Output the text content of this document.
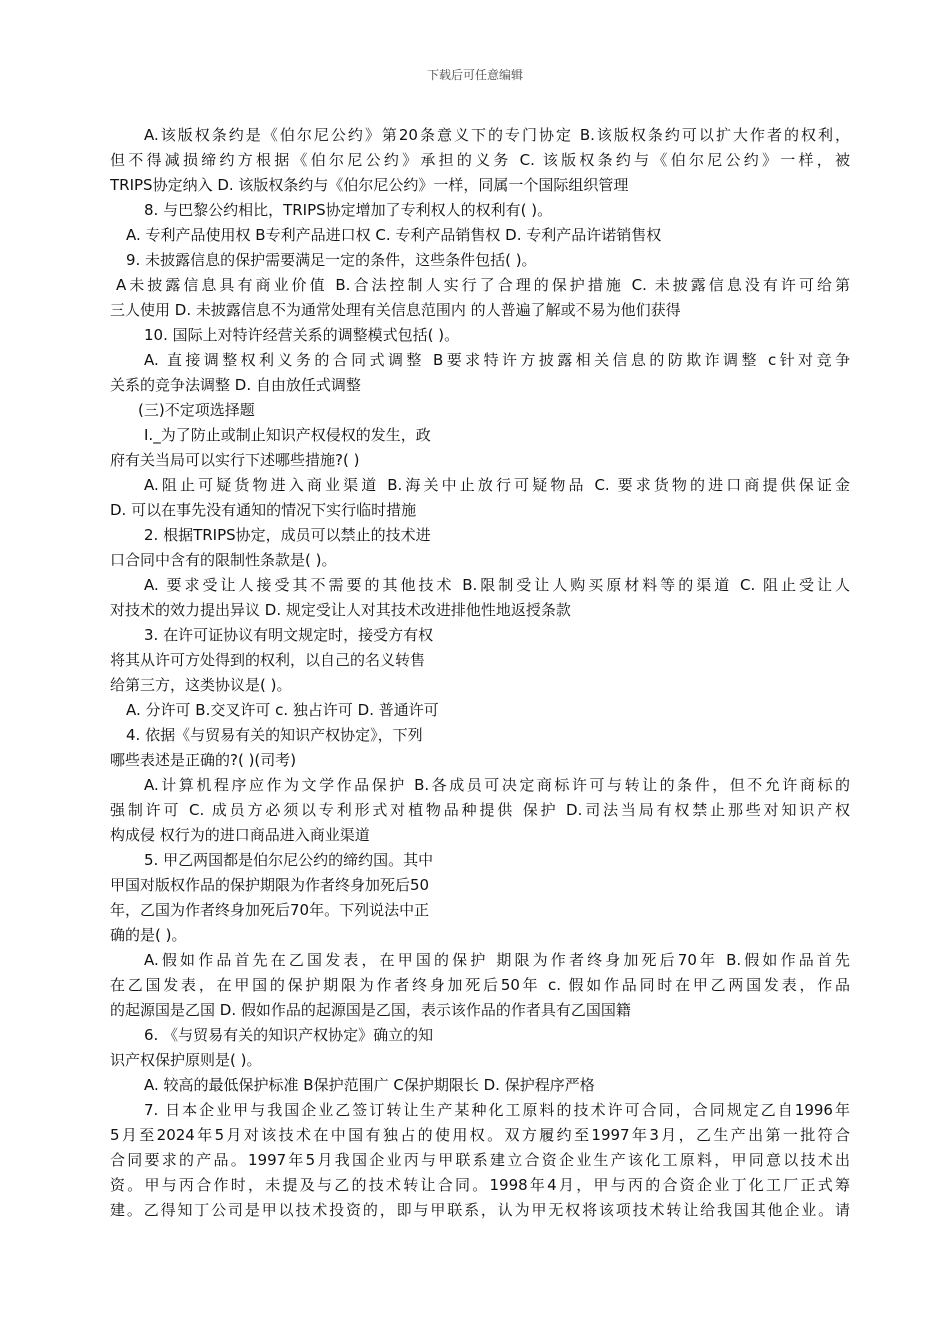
下载后可任意编辑
A.该版权条约是《伯尔尼公约》第20条意义下的专门协定 B.该版权条约可以扩大作者的权利，
但不得减损缔约方根据《伯尔尼公约》承担的义务 C. 该版权条约与《伯尔尼公约》一样，被
TRIPS协定纳入 D. 该版权条约与《伯尔尼公约》一样，同属一个国际组织管理
8. 与巴黎公约相比，TRIPS协定增加了专利权人的权利有( )。
A. 专利产品使用权 B专利产品进口权 C. 专利产品销售权 D. 专利产品许诺销售权
9. 未披露信息的保护需要满足一定的条件，这些条件包括( )。
A未披露信息具有商业价值 B.合法控制人实行了合理的保护措施 C. 未披露信息没有许可给第
三人使用 D. 未披露信息不为通常处理有关信息范围内 的人普遍了解或不易为他们获得
10. 国际上对特许经营关系的调整模式包括( )。
A. 直接调整权利义务的合同式调整 B要求特许方披露相关信息的防欺诈调整 c针对竞争
关系的竞争法调整 D. 自由放任式调整
(三)不定项选择题
I._为了防止或制止知识产权侵权的发生，政
府有关当局可以实行下述哪些措施?( )
A.阻止可疑货物进入商业渠道 B.海关中止放行可疑物品 C. 要求货物的进口商提供保证金
D. 可以在事先没有通知的情况下实行临时措施
2. 根据TRIPS协定，成员可以禁止的技术进
口合同中含有的限制性条款是( )。
A. 要求受让人接受其不需要的其他技术 B.限制受让人购买原材料等的渠道 C. 阻止受让人
对技术的效力提出异议 D. 规定受让人对其技术改进排他性地返授条款
3. 在许可证协议有明文规定时，接受方有权
将其从许可方处得到的权利，以自己的名义转售
给第三方，这类协议是( )。
A. 分许可 B.交叉许可 c. 独占许可 D. 普通许可
4. 依据《与贸易有关的知识产权协定》，下列
哪些表述是正确的?( )(司考)
A.计算机程序应作为文学作品保护 B.各成员可决定商标许可与转让的条件，但不允许商标的
强制许可 C. 成员方必须以专利形式对植物品种提供 保护 D.司法当局有权禁止那些对知识产权
构成侵 权行为的进口商品进入商业渠道
5. 甲乙两国都是伯尔尼公约的缔约国。其中
甲国对版权作品的保护期限为作者终身加死后50
年，乙国为作者终身加死后70年。下列说法中正
确的是( )。
A.假如作品首先在乙国发表，在甲国的保护 期限为作者终身加死后70年 B.假如作品首先
在乙国发表，在甲国的保护期限为作者终身加死后50年 c. 假如作品同时在甲乙两国发表，作品
的起源国是乙国 D. 假如作品的起源国是乙国，表示该作品的作者具有乙国国籍
6. 《与贸易有关的知识产权协定》确立的知
识产权保护原则是( )。
A. 较高的最低保护标准 B保护范围广 C保护期限长 D. 保护程序严格
7. 日本企业甲与我国企业乙签订转让生产某种化工原料的技术许可合同，合同规定乙自1996年
5月至2024年5月对该技术在中国有独占的使用权。双方履约至1997年3月，乙生产出第一批符合
合同要求的产品。1997年5月我国企业丙与甲联系建立合资企业生产该化工原料，甲同意以技术出
资。甲与丙合作时，未提及与乙的技术转让合同。1998年4月，甲与丙的合资企业丁化工厂正式筹
建。乙得知丁公司是甲以技术投资的，即与甲联系，认为甲无权将该项技术转让给我国其他企业。请
